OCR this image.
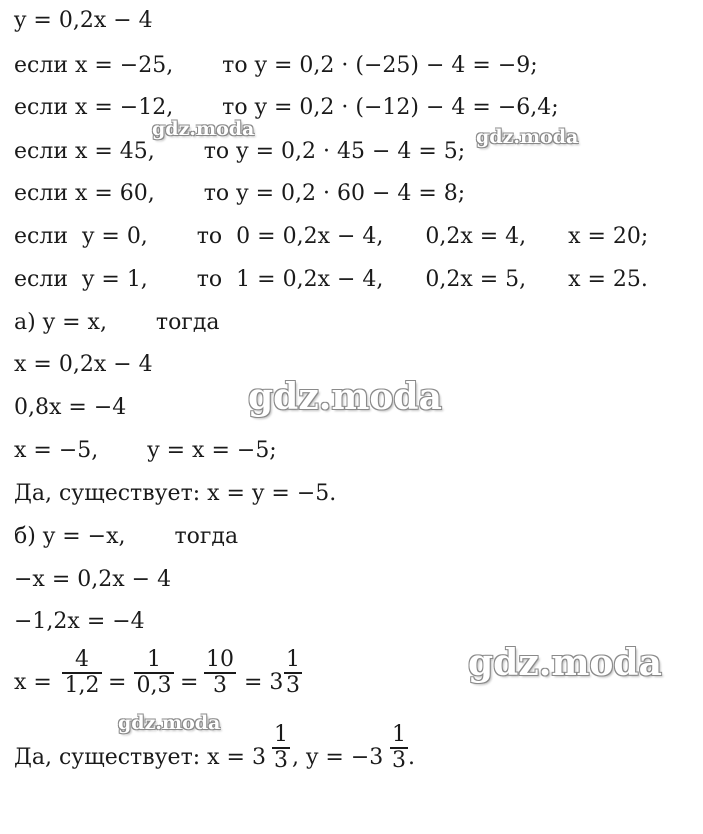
y = 0,2x − 4
если x = −25,       то y = 0,2 · (−25) − 4 = −9;
если x = −12,       то y = 0,2 · (−12) − 4 = −6,4;
если x = 45,       то y = 0,2 · 45 − 4 = 5;
если x = 60,       то y = 0,2 · 60 − 4 = 8;
если  y = 0,       то  0 = 0,2x − 4,      0,2x = 4,      x = 20;
если  y = 1,       то  1 = 0,2x − 4,      0,2x = 5,      x = 25.
а) y = x,       тогда
x = 0,2x − 4
0,8x = −4
x = −5,       y = x = −5;
Да, существует: x = y = −5.
б) y = −x,       тогда
−x = 0,2x − 4
−1,2x = −4
$x = \frac{4}{1,2} = \frac{1}{0,3} = \frac{10}{3} = 3 \frac{1}{3}$
Да, существует: $x = 3 \frac{1}{3}$ , $y = -3 \frac{1}{3}$ .
gdz.moda	gdz.moda
gdz.moda
gdz.moda
gdz.moda
